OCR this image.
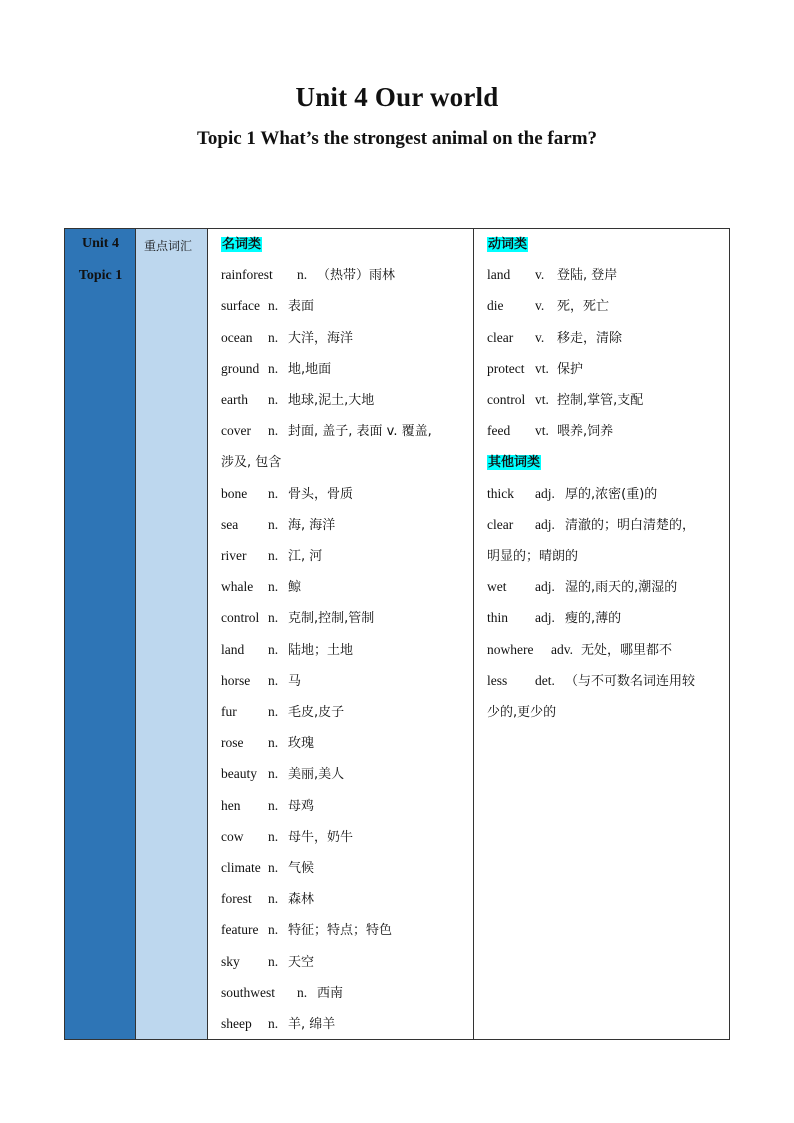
Unit 4 Our world
Topic 1 What’s the strongest animal on the farm?
Unit 4
Topic 1
重点词汇 名词类
rainforest n. （热带）雨林
surface n. 表面
ocean n. 大洋，海洋
ground n. 地,地面
earth n. 地球,泥土,大地
cover n. 封面, 盖子, 表面 v. 覆盖,
涉及, 包含
bone n. 骨头，骨质
sea n. 海, 海洋
river n. 江, 河
whale n. 鲸
control n. 克制,控制,管制
land n. 陆地；土地
horse n. 马
fur n. 毛皮,皮子
rose n. 玫瑰
beauty n. 美丽,美人
hen n. 母鸡
cow n. 母牛，奶牛
climate n. 气候
forest n. 森林
feature n. 特征；特点；特色
sky n. 天空
southwest n. 西南
sheep n. 羊, 绵羊
动词类
land v. 登陆, 登岸
die v. 死，死亡
clear v. 移走，清除
protect vt. 保护
control vt. 控制,掌管,支配
feed vt. 喂养,饲养
其他词类
thick adj. 厚的,浓密(重)的
clear adj. 清澈的；明白清楚的，
明显的；晴朗的
wet adj. 湿的,雨天的,潮湿的
thin adj. 瘦的,薄的
nowhere adv. 无处，哪里都不
less det. （与不可数名词连用较
少的,更少的
